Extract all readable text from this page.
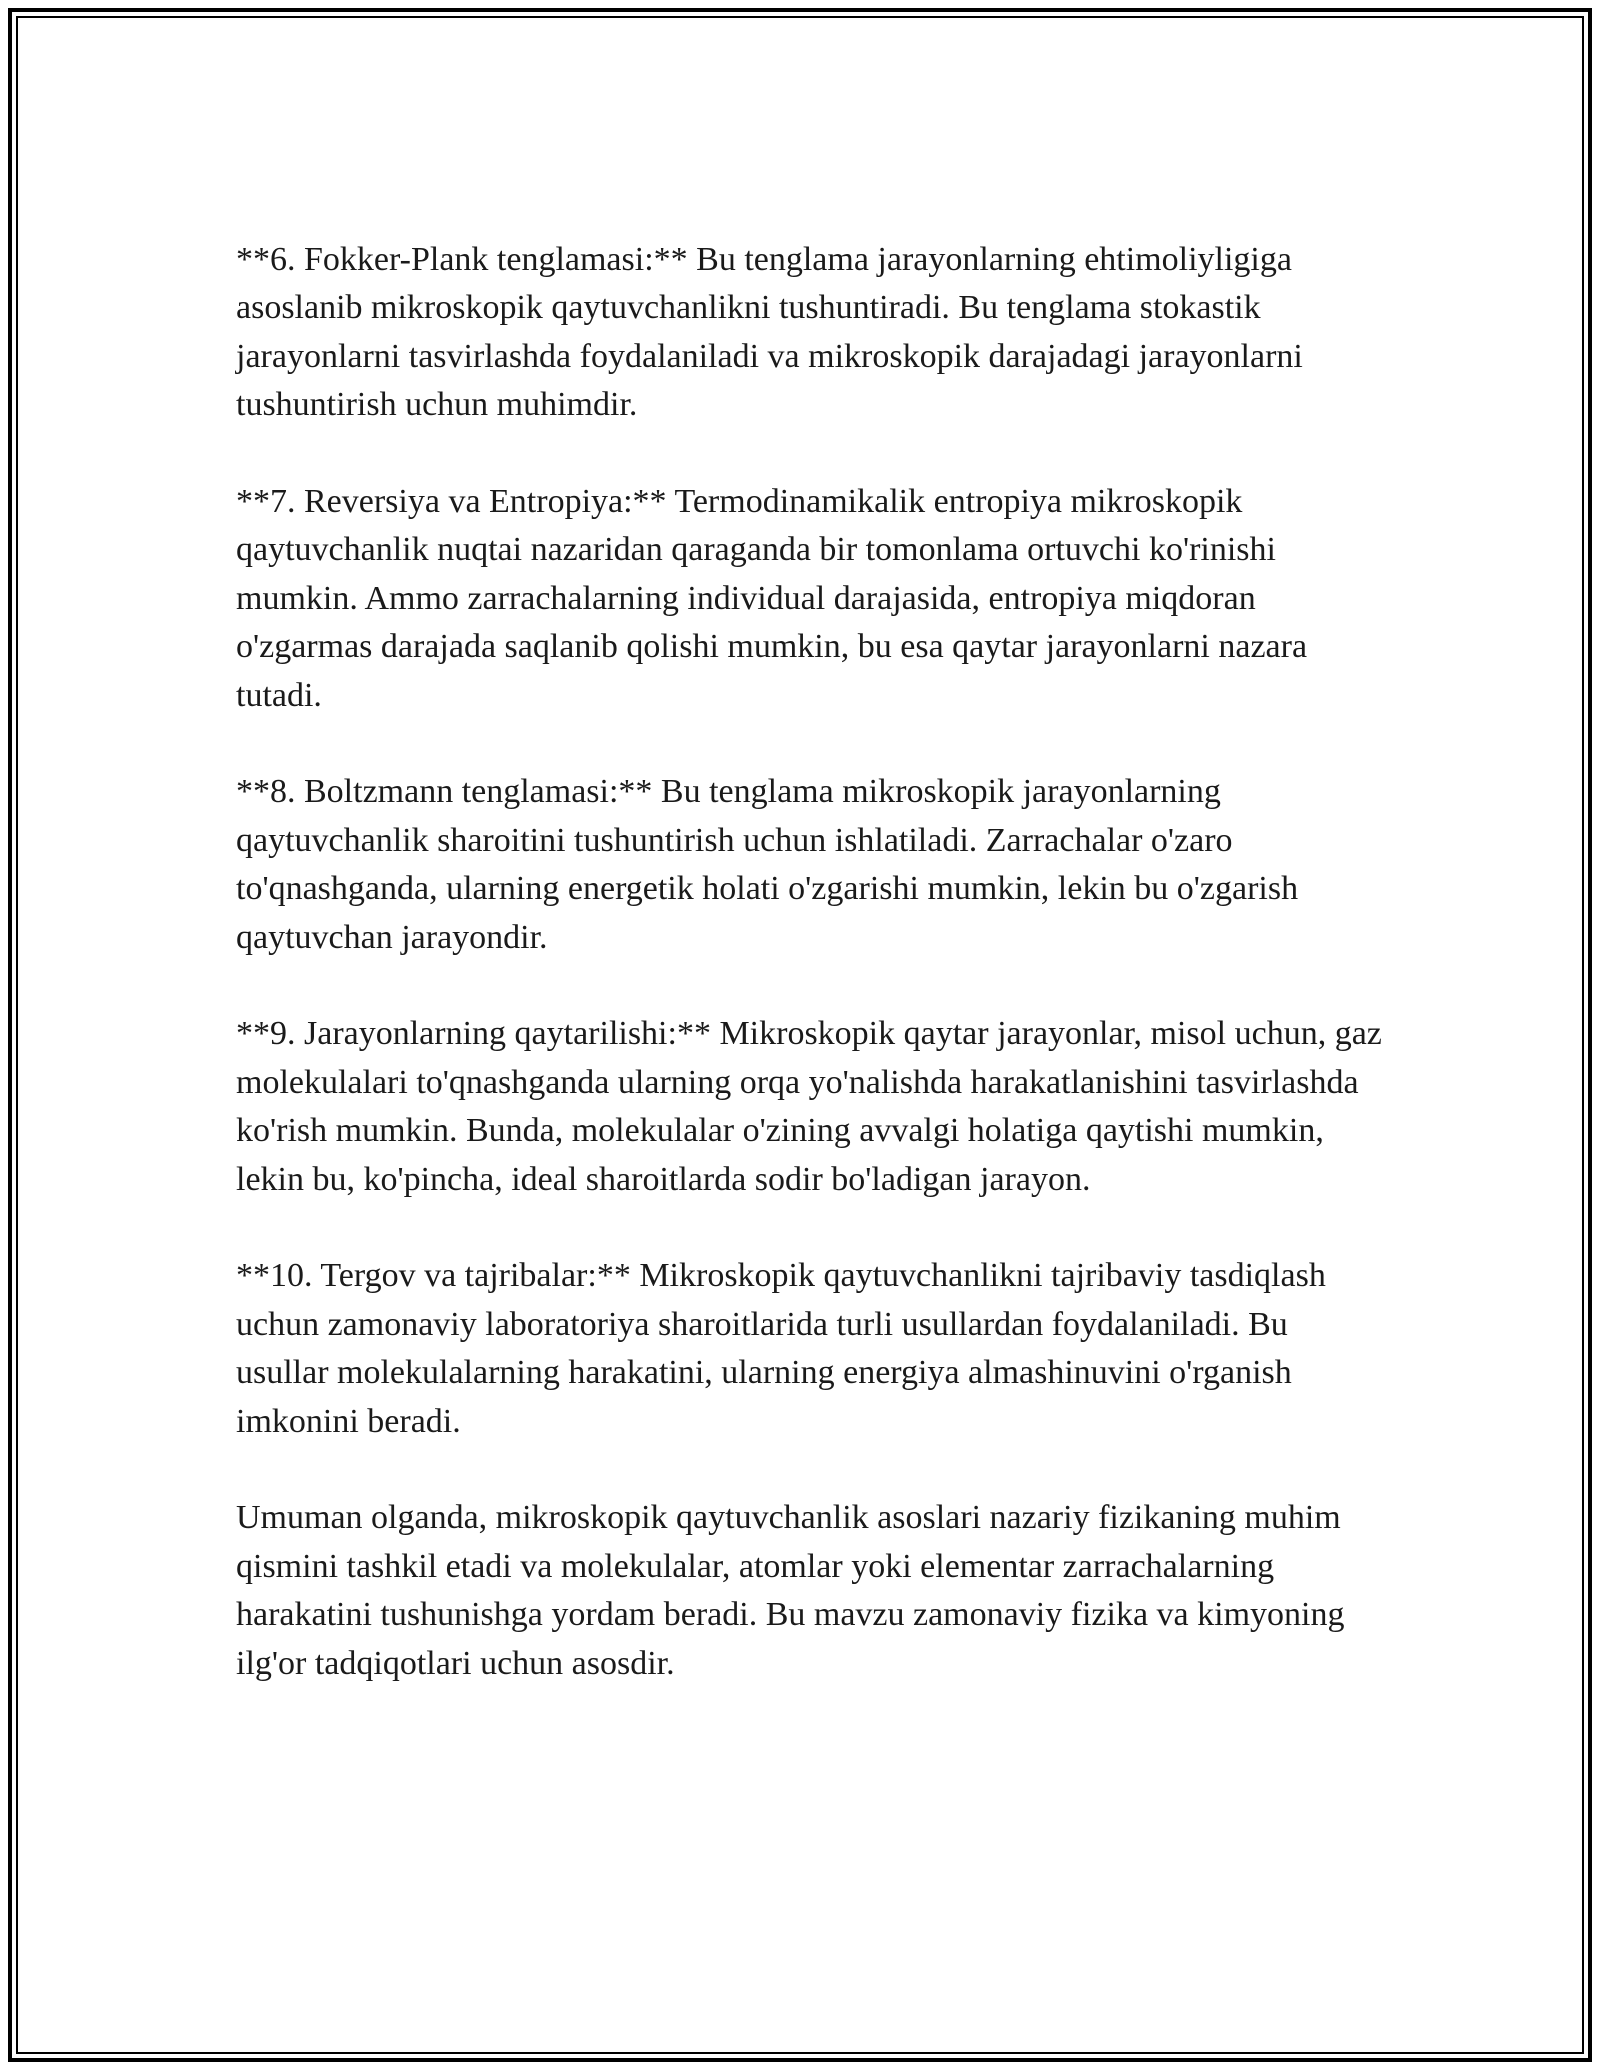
**6. Fokker-Plank tenglamasi:** Bu tenglama jarayonlarning ehtimoliyligiga asoslanib mikroskopik qaytuvchanlikni tushuntiradi. Bu tenglama stokastik jarayonlarni tasvirlashda foydalaniladi va mikroskopik darajadagi jarayonlarni tushuntirish uchun muhimdir.

**7. Reversiya va Entropiya:** Termodinamikalik entropiya mikroskopik qaytuvchanlik nuqtai nazaridan qaraganda bir tomonlama ortuvchi ko'rinishi mumkin. Ammo zarrachalarning individual darajasida, entropiya miqdoran o'zgarmas darajada saqlanib qolishi mumkin, bu esa qaytar jarayonlarni nazara tutadi.

**8. Boltzmann tenglamasi:** Bu tenglama mikroskopik jarayonlarning qaytuvchanlik sharoitini tushuntirish uchun ishlatiladi. Zarrachalar o'zaro to'qnashganda, ularning energetik holati o'zgarishi mumkin, lekin bu o'zgarish qaytuvchan jarayondir.

**9. Jarayonlarning qaytarilishi:** Mikroskopik qaytar jarayonlar, misol uchun, gaz molekulalari to'qnashganda ularning orqa yo'nalishda harakatlanishini tasvirlashda ko'rish mumkin. Bunda, molekulalar o'zining avvalgi holatiga qaytishi mumkin, lekin bu, ko'pincha, ideal sharoitlarda sodir bo'ladigan jarayon.

**10. Tergov va tajribalar:** Mikroskopik qaytuvchanlikni tajribaviy tasdiqlash uchun zamonaviy laboratoriya sharoitlarida turli usullardan foydalaniladi. Bu usullar molekulalarning harakatini, ularning energiya almashinuvini o'rganish imkonini beradi.

Umuman olganda, mikroskopik qaytuvchanlik asoslari nazariy fizikaning muhim qismini tashkil etadi va molekulalar, atomlar yoki elementar zarrachalarning harakatini tushunishga yordam beradi. Bu mavzu zamonaviy fizika va kimyoning ilg'or tadqiqotlari uchun asosdir.
